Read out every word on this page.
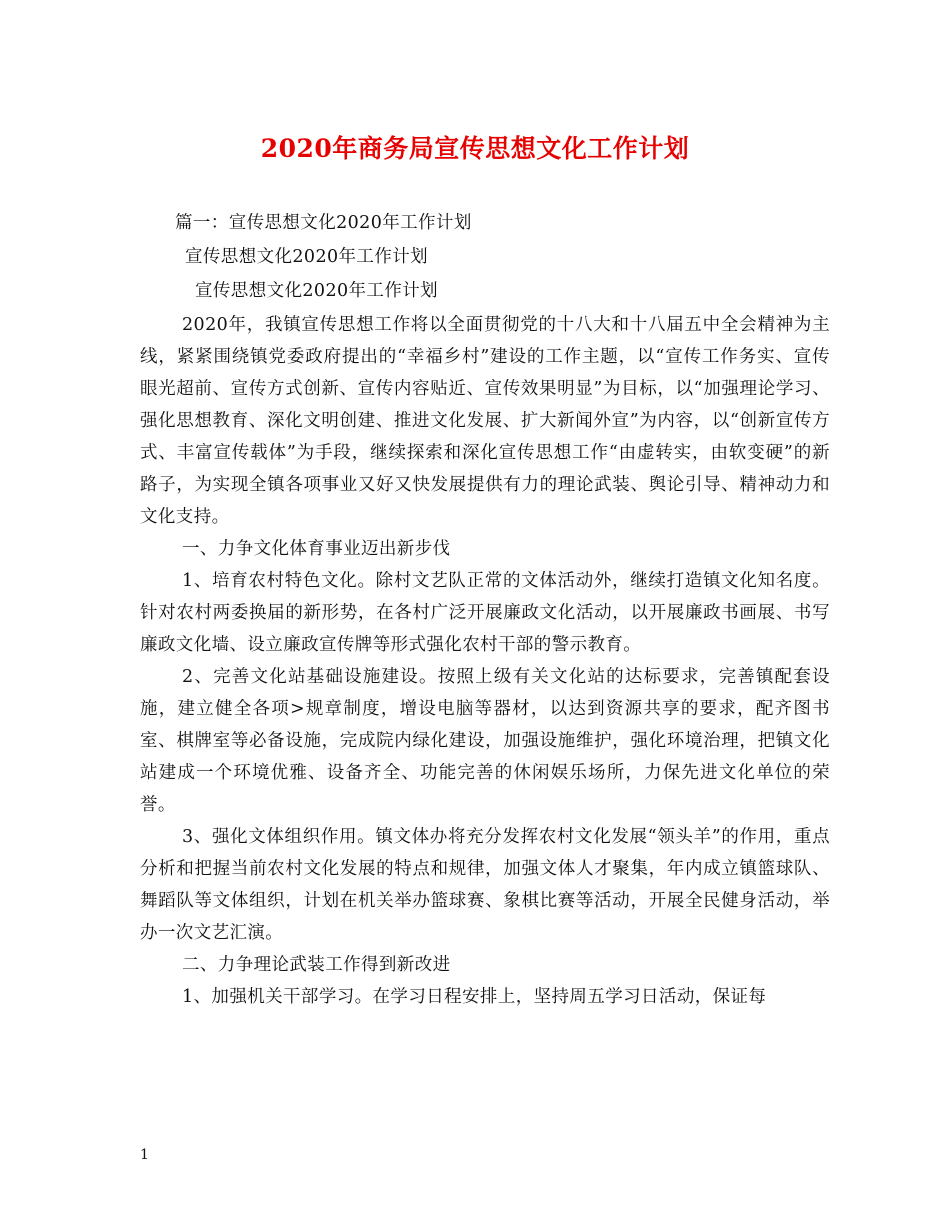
2020年商务局宣传思想文化工作计划
篇一：宣传思想文化2020年工作计划
宣传思想文化2020年工作计划
宣传思想文化2020年工作计划

2020年，我镇宣传思想工作将以全面贯彻党的十八大和十八届五中全会精神为主线，紧紧围绕镇党委政府提出的“幸福乡村”建设的工作主题，以“宣传工作务实、宣传眼光超前、宣传方式创新、宣传内容贴近、宣传效果明显”为目标，以“加强理论学习、强化思想教育、深化文明创建、推进文化发展、扩大新闻外宣”为内容，以“创新宣传方式、丰富宣传载体”为手段，继续探索和深化宣传思想工作“由虚转实，由软变硬”的新路子，为实现全镇各项事业又好又快发展提供有力的理论武装、舆论引导、精神动力和文化支持。

一、力争文化体育事业迈出新步伐

1、培育农村特色文化。除村文艺队正常的文体活动外，继续打造镇文化知名度。针对农村两委换届的新形势，在各村广泛开展廉政文化活动，以开展廉政书画展、书写廉政文化墙、设立廉政宣传牌等形式强化农村干部的警示教育。

2、完善文化站基础设施建设。按照上级有关文化站的达标要求，完善镇配套设施，建立健全各项>规章制度，增设电脑等器材，以达到资源共享的要求，配齐图书室、棋牌室等必备设施，完成院内绿化建设，加强设施维护，强化环境治理，把镇文化站建成一个环境优雅、设备齐全、功能完善的休闲娱乐场所，力保先进文化单位的荣誉。

3、强化文体组织作用。镇文体办将充分发挥农村文化发展“领头羊”的作用，重点分析和把握当前农村文化发展的特点和规律，加强文体人才聚集，年内成立镇篮球队、舞蹈队等文体组织，计划在机关举办篮球赛、象棋比赛等活动，开展全民健身活动，举办一次文艺汇演。

二、力争理论武装工作得到新改进

1、加强机关干部学习。在学习日程安排上，坚持周五学习日活动，保证每

1
